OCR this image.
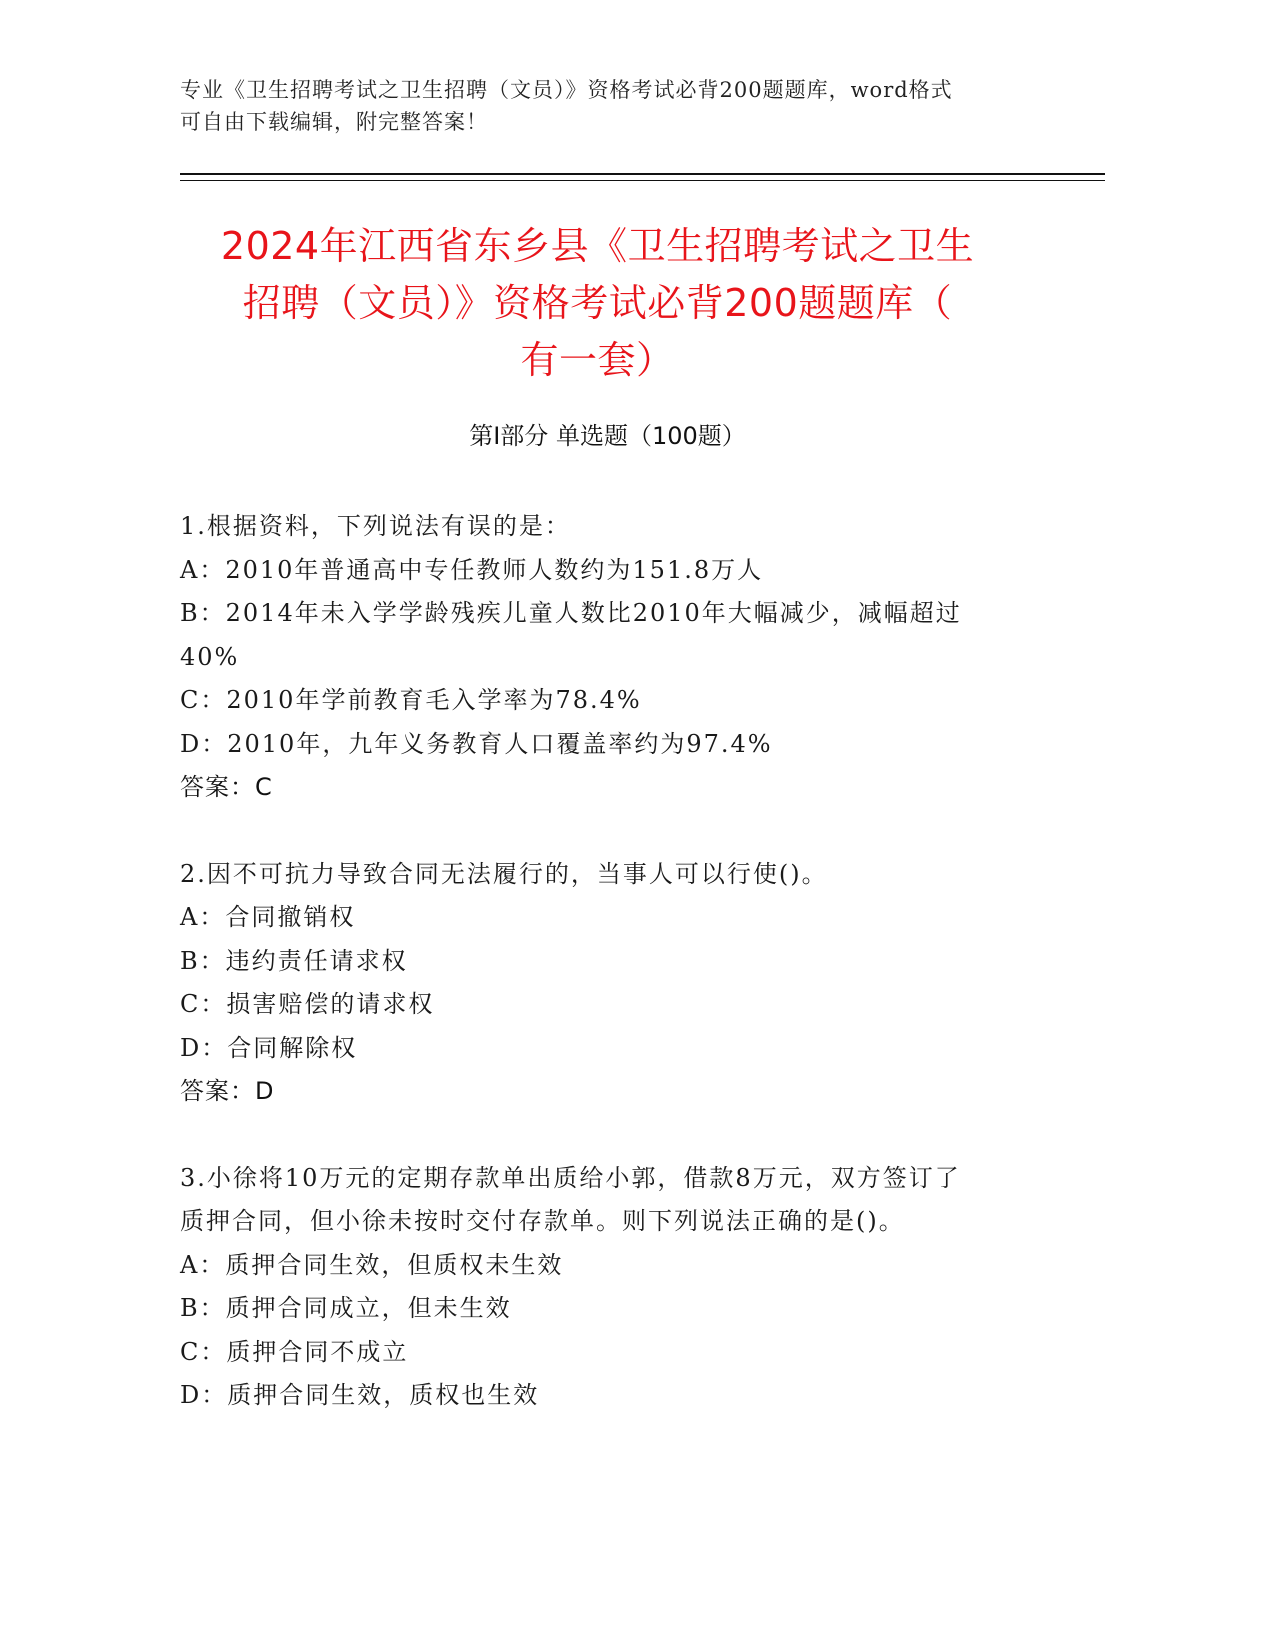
专业《卫生招聘考试之卫生招聘（文员）》资格考试必背200题题库，word格式
可自由下载编辑，附完整答案！
2024年江西省东乡县《卫生招聘考试之卫生
招聘（文员）》资格考试必背200题题库（
有一套）
第Ⅰ部分 单选题（100题）
1.根据资料，下列说法有误的是：
A：2010年普通高中专任教师人数约为151.8万人
B：2014年未入学学龄残疾儿童人数比2010年大幅减少，减幅超过
40%
C：2010年学前教育毛入学率为78.4%
D：2010年，九年义务教育人口覆盖率约为97.4%
答案：C
2.因不可抗力导致合同无法履行的，当事人可以行使()。
A：合同撤销权
B：违约责任请求权
C：损害赔偿的请求权
D：合同解除权
答案：D
3.小徐将10万元的定期存款单出质给小郭，借款8万元，双方签订了
质押合同，但小徐未按时交付存款单。则下列说法正确的是()。
A：质押合同生效，但质权未生效
B：质押合同成立，但未生效
C：质押合同不成立
D：质押合同生效，质权也生效
